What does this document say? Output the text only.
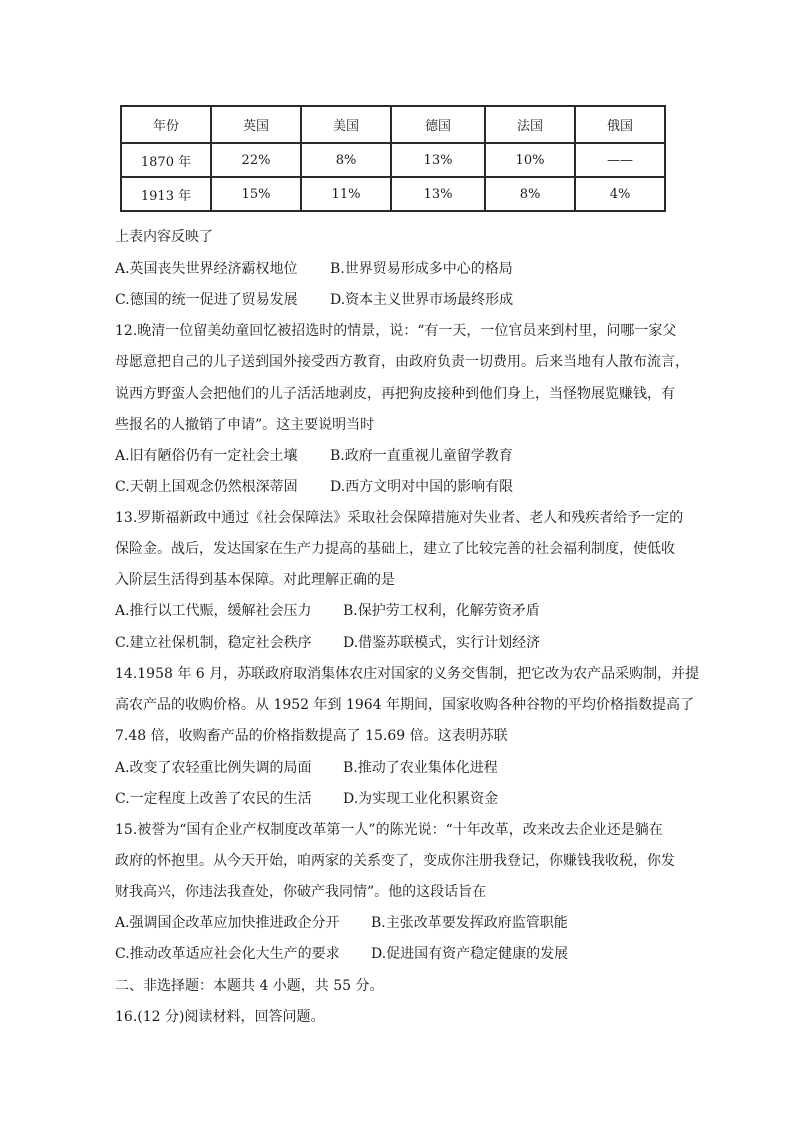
年份	英国	美国	德国	法国	俄国
1870 年	22%	8%	13%	10%	——
1913 年	15%	11%	13%	8%	4%
上表内容反映了
A.英国丧失世界经济霸权地位 B.世界贸易形成多中心的格局
C.德国的统一促进了贸易发展 D.资本主义世界市场最终形成
12.晚清一位留美幼童回忆被招选时的情景，说：“有一天，一位官员来到村里，问哪一家父
母愿意把自己的儿子送到国外接受西方教育，由政府负责一切费用。后来当地有人散布流言，
说西方野蛮人会把他们的儿子活活地剥皮，再把狗皮接种到他们身上，当怪物展览赚钱，有
些报名的人撤销了申请”。这主要说明当时
A.旧有陋俗仍有一定社会土壤 B.政府一直重视儿童留学教育
C.天朝上国观念仍然根深蒂固 D.西方文明对中国的影响有限
13.罗斯福新政中通过《社会保障法》采取社会保障措施对失业者、老人和残疾者给予一定的
保险金。战后，发达国家在生产力提高的基础上，建立了比较完善的社会福利制度，使低收
入阶层生活得到基本保障。对此理解正确的是
A.推行以工代赈，缓解社会压力 B.保护劳工权利，化解劳资矛盾
C.建立社保机制，稳定社会秩序 D.借鉴苏联模式，实行计划经济
14.1958 年 6 月，苏联政府取消集体农庄对国家的义务交售制，把它改为农产品采购制，并提
高农产品的收购价格。从 1952 年到 1964 年期间，国家收购各种谷物的平均价格指数提高了
7.48 倍，收购畜产品的价格指数提高了 15.69 倍。这表明苏联
A.改变了农轻重比例失调的局面 B.推动了农业集体化进程
C.一定程度上改善了农民的生活 D.为实现工业化积累资金
15.被誉为“国有企业产权制度改革第一人”的陈光说：“十年改革，改来改去企业还是躺在
政府的怀抱里。从今天开始，咱两家的关系变了，变成你注册我登记，你赚钱我收税，你发
财我高兴，你违法我查处，你破产我同情”。他的这段话旨在
A.强调国企改革应加快推进政企分开 B.主张改革要发挥政府监管职能
C.推动改革适应社会化大生产的要求 D.促进国有资产稳定健康的发展
二、非选择题：本题共 4 小题，共 55 分。
16.(12 分)阅读材料，回答问题。
